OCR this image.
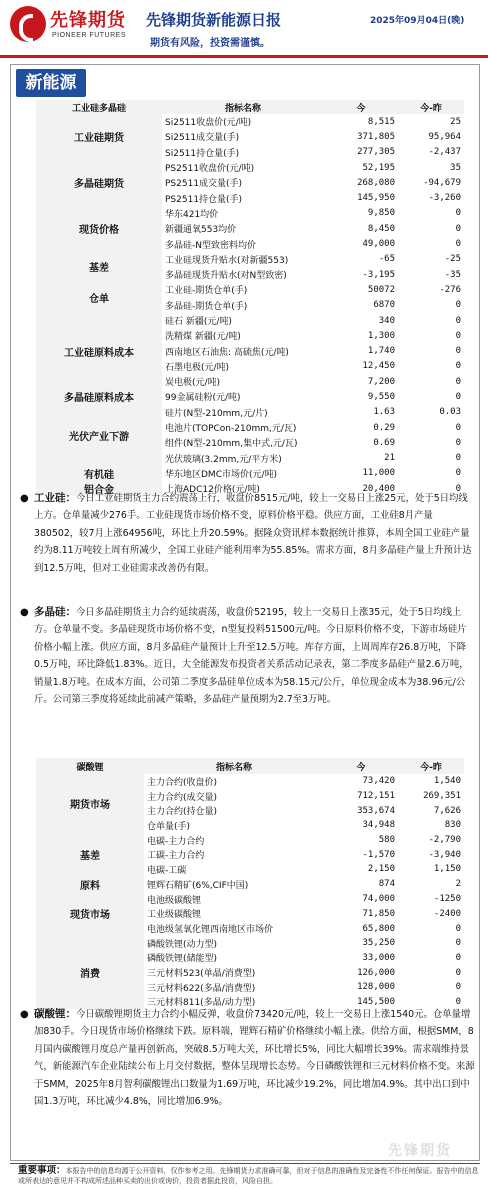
先锋期货
PIONEER FUTURES
先锋期货新能源日报	2025年09月04日(晚)
期货有风险，投资需谨慎。
新能源
工业硅多晶硅	指标名称	今	今-昨
工业硅期货	Si2511收盘价(元/吨)	8,515	25
	Si2511成交量(手)	371,805	95,964
	Si2511持仓量(手)	277,305	-2,437
多晶硅期货	PS2511收盘价(元/吨)	52,195	35
	PS2511成交量(手)	268,080	-94,679
	PS2511持仓量(手)	145,950	-3,260
现货价格	华东421均价	9,850	0
	新疆通氧553均价	8,450	0
	多晶硅-N型致密料均价	49,000	0
基差	工业硅现货升贴水(对新疆553)	-65	-25
	多晶硅现货升贴水(对N型致密)	-3,195	-35
仓单	工业硅-期货仓单(手)	50072	-276
	多晶硅-期货仓单(手)	6870	0
工业硅原料成本	硅石 新疆(元/吨)	340	0
	洗精煤 新疆(元/吨)	1,300	0
	西南地区石油焦: 高硫焦(元/吨)	1,740	0
	石墨电极(元/吨)	12,450	0
	炭电极(元/吨)	7,200	0
多晶硅原料成本	99金属硅粉(元/吨)	9,550	0
光伏产业下游	硅片(N型-210mm,元/片)	1.63	0.03
	电池片(TOPCon-210mm,元/瓦)	0.29	0
	组件(N型-210mm,集中式,元/瓦)	0.69	0
	光伏玻璃(3.2mm,元/平方米)	21	0
有机硅	华东地区DMC市场价(元/吨)	11,000	0
铝合金	上海ADC12价格(元/吨)	20,400	0
● 工业硅：今日工业硅期货主力合约震荡上行，收盘价8515元/吨，较上一交易日上涨25元，处于5日均线上方。仓单量减少276手。工业硅现货市场价格不变，原料价格平稳。供应方面，工业硅8月产量380502，较7月上涨64956吨，环比上升20.59%。据隆众资讯样本数据统计推算，本周全国工业硅产量约为8.11万吨较上周有所减少，全国工业硅产能利用率为55.85%。需求方面，8月多晶硅产量上升预计达到12.5万吨，但对工业硅需求改善仍有限。
● 多晶硅：今日多晶硅期货主力合约延续震荡，收盘价52195，较上一交易日上涨35元，处于5日均线上方。仓单量不变。多晶硅现货市场价格不变，n型复投料51500元/吨。今日原料价格不变，下游市场硅片价格小幅上涨。供应方面，8月多晶硅产量预计上升至12.5万吨。库存方面，上周周库存26.8万吨，下降0.5万吨，环比降低1.83%。近日，大全能源发布投资者关系活动记录表，第二季度多晶硅产量2.6万吨，销量1.8万吨。在成本方面，公司第二季度多晶硅单位成本为58.15元/公斤，单位现金成本为38.96元/公斤。公司第三季度将延续此前减产策略，多晶硅产量预期为2.7至3万吨。
碳酸锂	指标名称	今	今-昨
期货市场	主力合约(收盘价)	73,420	1,540
	主力合约(成交量)	712,151	269,351
	主力合约(持仓量)	353,674	7,626
	仓单量(手)	34,948	830
基差	电碳-主力合约	580	-2,790
	工碳-主力合约	-1,570	-3,940
	电碳-工碳	2,150	1,150
原料	锂辉石精矿(6%,CIF中国)	874	2
现货市场	电池级碳酸锂	74,000	-1250
	工业级碳酸锂	71,850	-2400
	电池级氢氧化锂西南地区市场价	65,800	0
消费	磷酸铁锂(动力型)	35,250	0
	磷酸铁锂(储能型)	33,000	0
	三元材料523(单晶/消费型)	126,000	0
	三元材料622(多晶/消费型)	128,000	0
	三元材料811(多晶/动力型)	145,500	0
● 碳酸锂：今日碳酸锂期货主力合约小幅反弹，收盘价73420元/吨，较上一交易日上涨1540元。仓单量增加830手。今日现货市场价格继续下跌。原料端，锂辉石精矿价格继续小幅上涨。供给方面，根据SMM，8月国内碳酸锂月度总产量再创新高，突破8.5万吨大关，环比增长5%，同比大幅增长39%。需求端维持景气，新能源汽车企业陆续公布上月交付数据，整体呈现增长态势。今日磷酸铁锂和三元材料价格不变。来源于SMM，2025年8月智利碳酸锂出口数量为1.69万吨，环比减少19.2%，同比增加4.9%。其中出口到中国1.3万吨，环比减少4.8%，同比增加6.9%。
先锋期货
重要事项：本报告中的信息均源于公开资料，仅作参考之用。先锋期货力求准确可靠，但对于信息的准确性及完备性不作任何保证。报告中的信息或所表达的意见并不构成所述品种买卖的出价或询价，投资者据此投资，风险自担。
